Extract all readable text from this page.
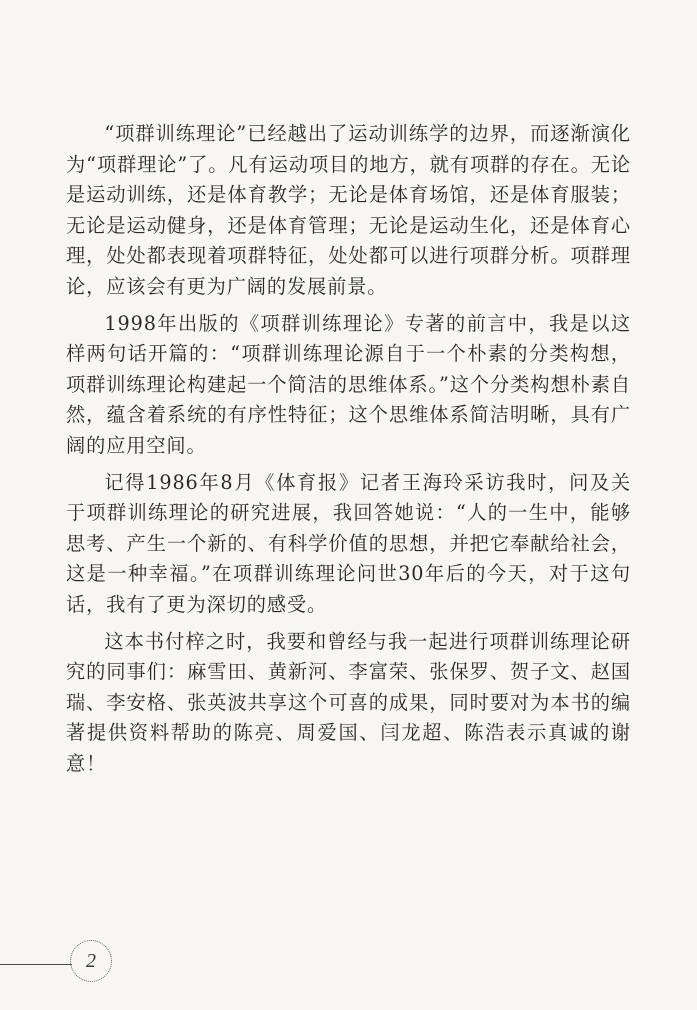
“项群训练理论”已经越出了运动训练学的边界，而逐渐演化为“项群理论”了。凡有运动项目的地方，就有项群的存在。无论是运动训练，还是体育教学；无论是体育场馆，还是体育服装；无论是运动健身，还是体育管理；无论是运动生化，还是体育心理，处处都表现着项群特征，处处都可以进行项群分析。项群理论，应该会有更为广阔的发展前景。

1998年出版的《项群训练理论》专著的前言中，我是以这样两句话开篇的：“项群训练理论源自于一个朴素的分类构想，项群训练理论构建起一个简洁的思维体系。”这个分类构想朴素自然，蕴含着系统的有序性特征；这个思维体系简洁明晰，具有广阔的应用空间。

记得1986年8月《体育报》记者王海玲采访我时，问及关于项群训练理论的研究进展，我回答她说：“人的一生中，能够思考、产生一个新的、有科学价值的思想，并把它奉献给社会，这是一种幸福。”在项群训练理论问世30年后的今天，对于这句话，我有了更为深切的感受。

这本书付梓之时，我要和曾经与我一起进行项群训练理论研究的同事们：麻雪田、黄新河、李富荣、张保罗、贺子文、赵国瑞、李安格、张英波共享这个可喜的成果，同时要对为本书的编著提供资料帮助的陈亮、周爱国、闫龙超、陈浩表示真诚的谢意！

2
